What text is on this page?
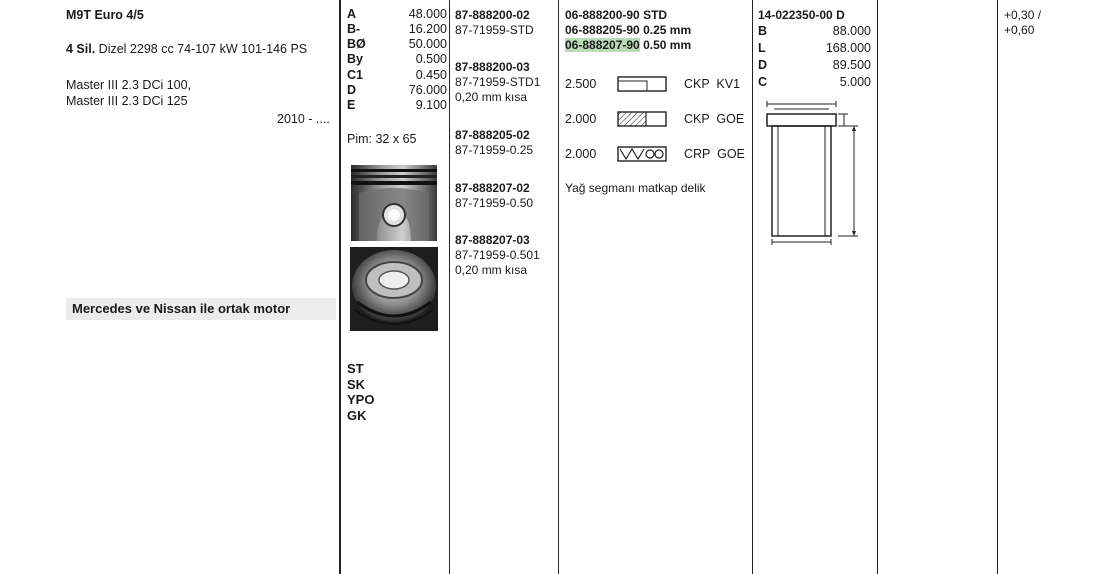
M9T Euro 4/5
4 Sil. Dizel 2298 cc 74-107 kW 101-146 PS
Master III 2.3 DCi 100,
Master III 2.3 DCi 125
2010 - ....
Mercedes ve Nissan ile ortak motor
A	48.000
B-	16.200
BØ	50.000
By	0.500
C1	0.450
D	76.000
E	9.100
Pim: 32 x 65
ST
SK
YPO
GK
87-888200-02
87-71959-STD
87-888200-03
87-71959-STD1
0,20 mm kısa
87-888205-02
87-71959-0.25
87-888207-02
87-71959-0.50
87-888207-03
87-71959-0.501
0,20 mm kısa
06-888200-90 STD
06-888205-90 0.25 mm
06-888207-90 0.50 mm
2.500	CKP  KV1
2.000	CKP  GOE
2.000	CRP  GOE
Yağ segmanı matkap delik
14-022350-00 D
B	88.000
L	168.000
D	89.500
C	5.000
+0,30 /
+0,60
